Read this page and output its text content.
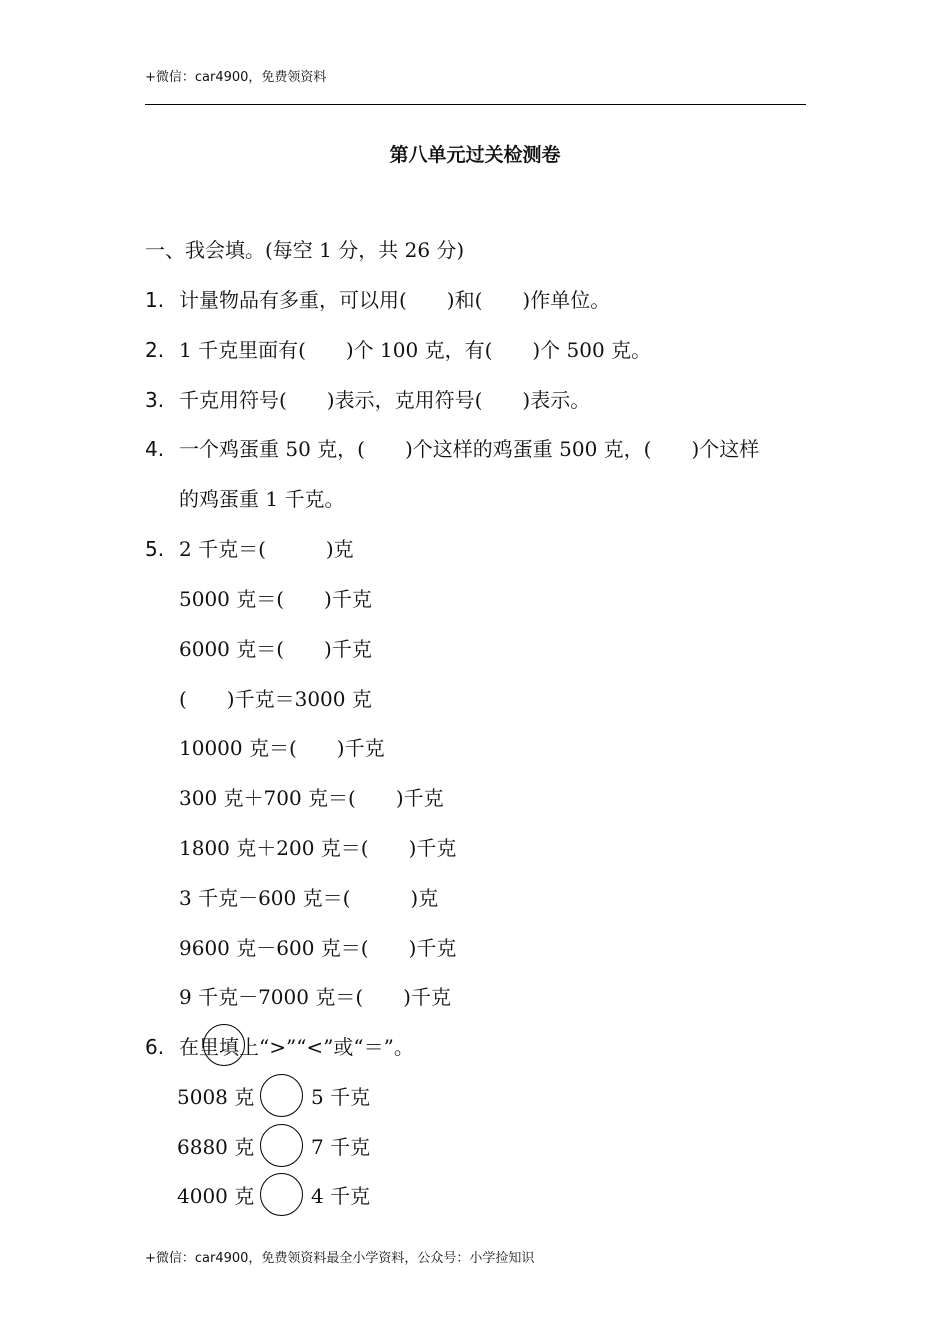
+微信：car4900，免费领资料
第八单元过关检测卷
一、我会填。(每空 1 分，共 26 分)
1. 计量物品有多重，可以用(　　)和(　　)作单位。
2. 1 千克里面有(　　)个 100 克，有(　　)个 500 克。
3. 千克用符号(　　)表示，克用符号(　　)表示。
4. 一个鸡蛋重 50 克，(　　)个这样的鸡蛋重 500 克，(　　)个这样
的鸡蛋重 1 千克。
5. 2 千克＝(　　　)克
5000 克＝(　　)千克
6000 克＝(　　)千克
(　　)千克＝3000 克
10000 克＝(　　)千克
300 克＋700 克＝(　　)千克
1800 克＋200 克＝(　　)千克
3 千克－600 克＝(　　　)克
9600 克－600 克＝(　　)千克
9 千克－7000 克＝(　　)千克
6. 在里填上“>”“<”或“＝”。
5008 克	5 千克
6880 克	7 千克
4000 克	4 千克
+微信：car4900，免费领资料最全小学资料，公众号：小学捡知识
